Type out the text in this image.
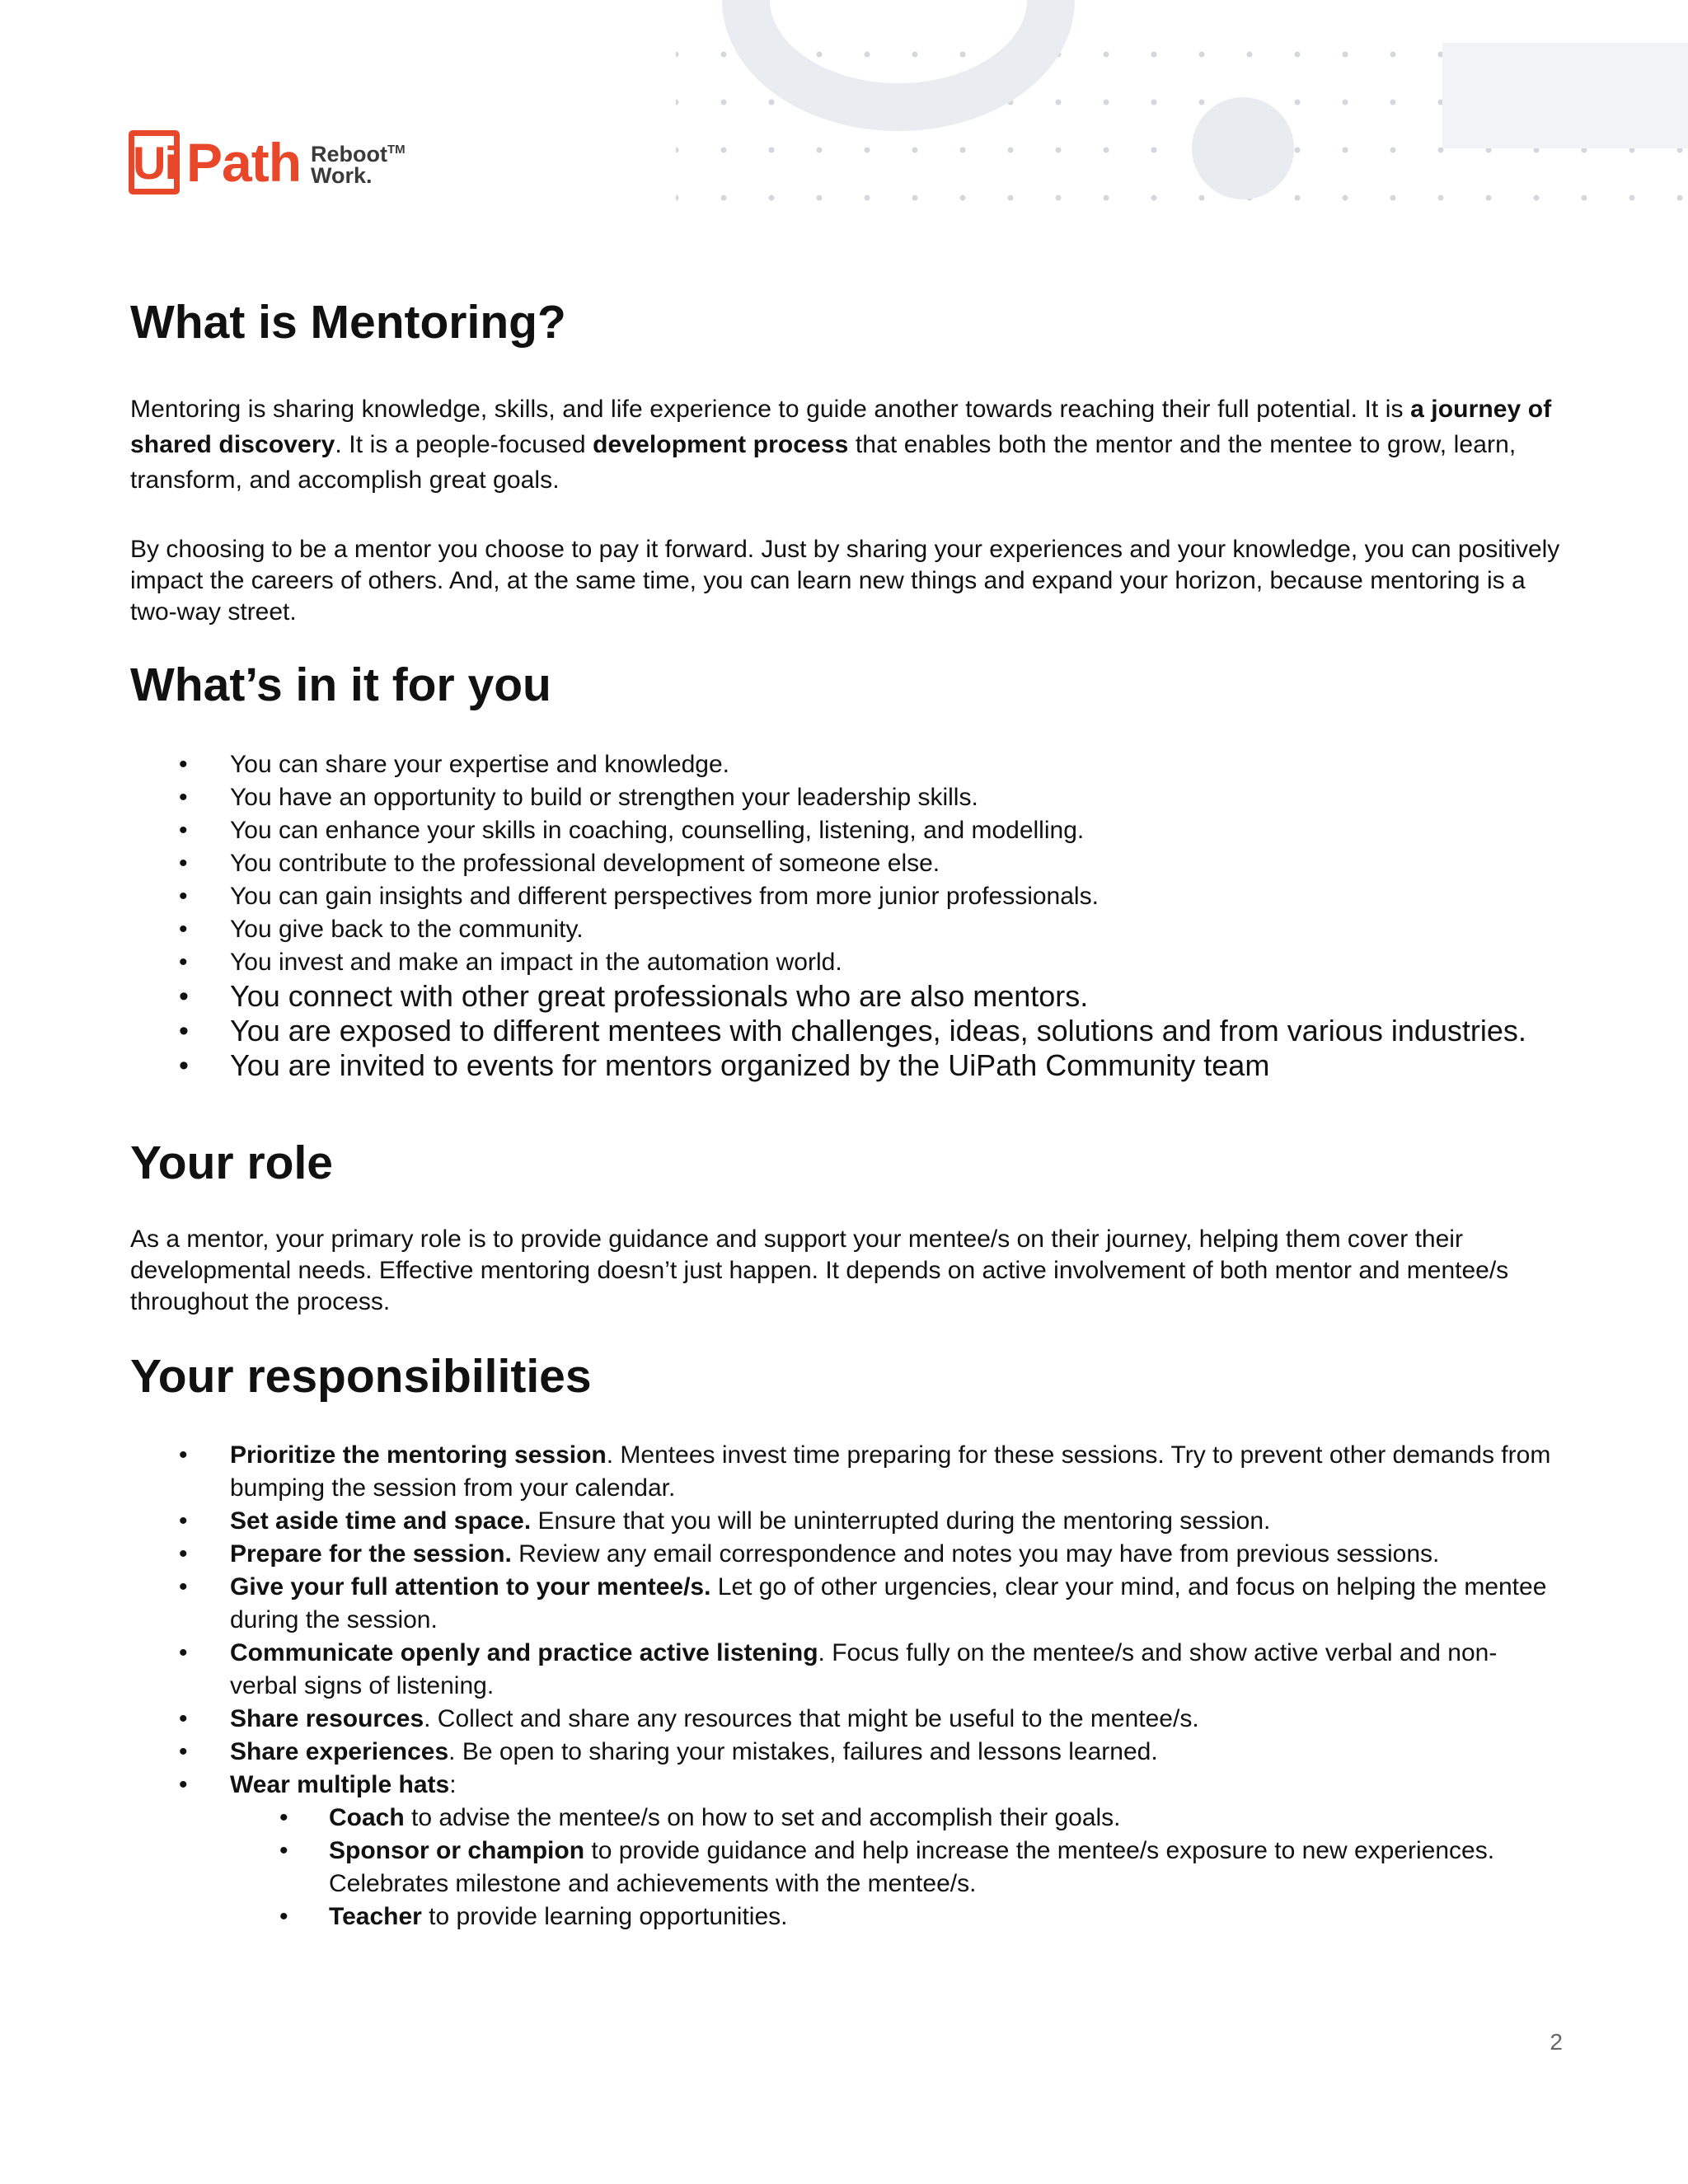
Ui Path Reboot™
Work.
What is Mentoring?

Mentoring is sharing knowledge, skills, and life experience to guide another towards reaching their full potential. It is a journey of shared discovery. It is a people-focused development process that enables both the mentor and the mentee to grow, learn, transform, and accomplish great goals.

By choosing to be a mentor you choose to pay it forward. Just by sharing your experiences and your knowledge, you can positively impact the careers of others. And, at the same time, you can learn new things and expand your horizon, because mentoring is a two-way street.

What’s in it for you
• You can share your expertise and knowledge.
• You have an opportunity to build or strengthen your leadership skills.
• You can enhance your skills in coaching, counselling, listening, and modelling.
• You contribute to the professional development of someone else.
• You can gain insights and different perspectives from more junior professionals.
• You give back to the community.
• You invest and make an impact in the automation world.
• You connect with other great professionals who are also mentors.
• You are exposed to different mentees with challenges, ideas, solutions and from various industries.
• You are invited to events for mentors organized by the UiPath Community team
Your role

As a mentor, your primary role is to provide guidance and support your mentee/s on their journey, helping them cover their developmental needs. Effective mentoring doesn’t just happen. It depends on active involvement of both mentor and mentee/s throughout the process.

Your responsibilities
• Prioritize the mentoring session. Mentees invest time preparing for these sessions. Try to prevent other demands from bumping the session from your calendar.
• Set aside time and space. Ensure that you will be uninterrupted during the mentoring session.
• Prepare for the session. Review any email correspondence and notes you may have from previous sessions.
• Give your full attention to your mentee/s. Let go of other urgencies, clear your mind, and focus on helping the mentee during the session.
• Communicate openly and practice active listening. Focus fully on the mentee/s and show active verbal and non-verbal signs of listening.
• Share resources. Collect and share any resources that might be useful to the mentee/s.
• Share experiences. Be open to sharing your mistakes, failures and lessons learned.
• Wear multiple hats:
• Coach to advise the mentee/s on how to set and accomplish their goals.
• Sponsor or champion to provide guidance and help increase the mentee/s exposure to new experiences. Celebrates milestone and achievements with the mentee/s.
• Teacher to provide learning opportunities.
2
